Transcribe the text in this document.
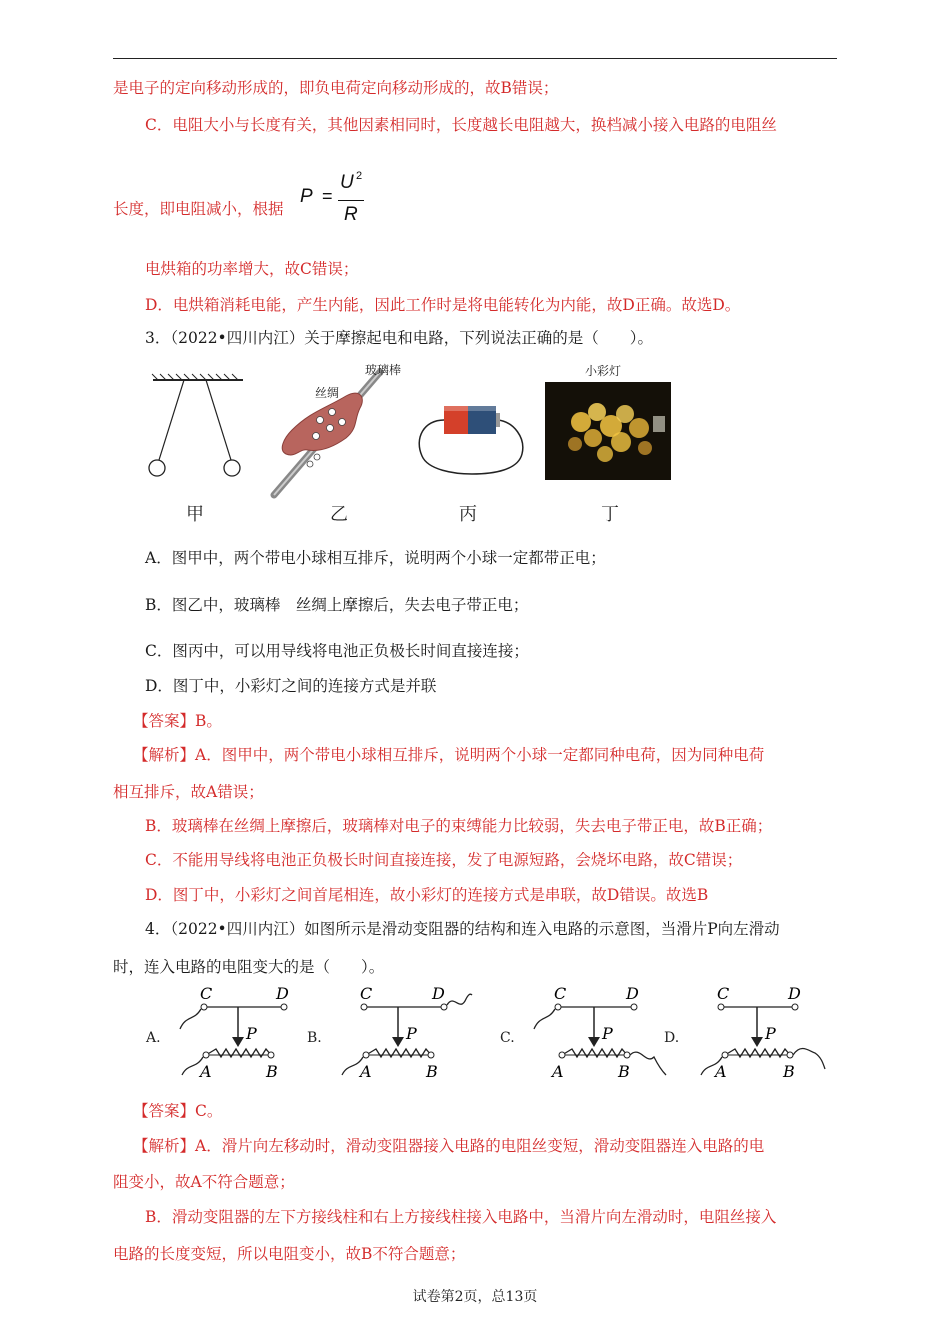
是电子的定向移动形成的，即负电荷定向移动形成的，故B错误；
C．电阻大小与长度有关，其他因素相同时，长度越长电阻越大，换档减小接入电路的电阻丝
长度，即电阻减小，根据
P =
U 2
R
电烘箱的功率增大，故C错误；
D．电烘箱消耗电能，产生内能，因此工作时是将电能转化为内能，故D正确。故选D。
3．（2022•四川内江）关于摩擦起电和电路，下列说法正确的是（　　）。
丝绸
玻璃棒	小彩灯
甲	乙	丙	丁
A．图甲中，两个带电小球相互排斥，说明两个小球一定都带正电；
B．图乙中，玻璃棒　丝绸上摩擦后，失去电子带正电；
C．图丙中，可以用导线将电池正负极长时间直接连接；
D．图丁中，小彩灯之间的连接方式是并联
【答案】B。
【解析】A．图甲中，两个带电小球相互排斥，说明两个小球一定都同种电荷，因为同种电荷
相互排斥，故A错误；
B．玻璃棒在丝绸上摩擦后，玻璃棒对电子的束缚能力比较弱，失去电子带正电，故B正确；
C．不能用导线将电池正负极长时间直接连接，发了电源短路，会烧坏电路，故C错误；
D．图丁中，小彩灯之间首尾相连，故小彩灯的连接方式是串联，故D错误。故选B
4．（2022•四川内江）如图所示是滑动变阻器的结构和连入电路的示意图，当滑片P向左滑动
时，连入电路的电阻变大的是（　　）。
A.
C	D
P
A	B
B.
C	D
P
A	B
C.
C	D
P
A	B
D.
C	D
P
A	B
【答案】C。
【解析】A．滑片向左移动时，滑动变阻器接入电路的电阻丝变短，滑动变阻器连入电路的电
阻变小，故A不符合题意；
B．滑动变阻器的左下方接线柱和右上方接线柱接入电路中，当滑片向左滑动时，电阻丝接入
电路的长度变短，所以电阻变小，故B不符合题意；
试卷第2页，总13页
